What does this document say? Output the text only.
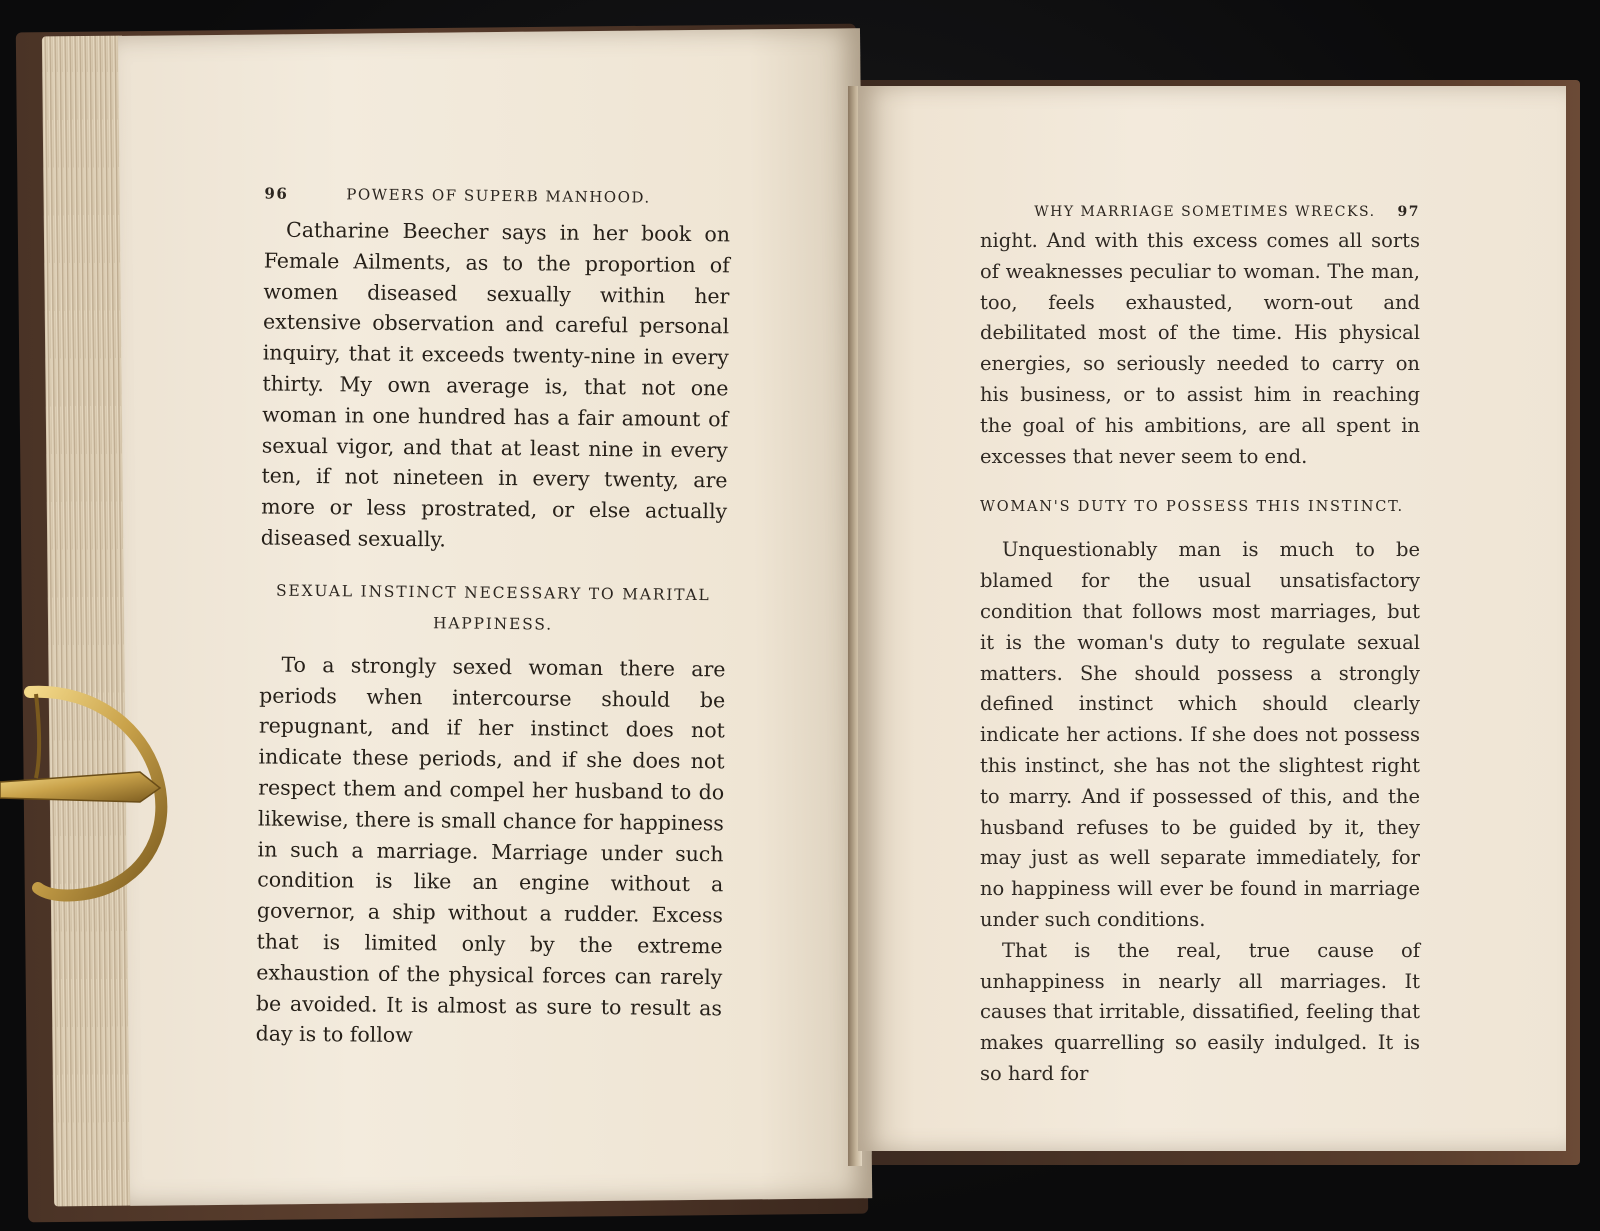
96	POWERS OF SUPERB MANHOOD.

Catharine Beecher says in her book on Female Ailments, as to the proportion of women diseased sexually within her extensive observation and careful personal inquiry, that it exceeds twenty-nine in every thirty. My own average is, that not one woman in one hundred has a fair amount of sexual vigor, and that at least nine in every ten, if not nineteen in every twenty, are more or less prostrated, or else actually diseased sexually.

SEXUAL INSTINCT NECESSARY TO MARITAL
HAPPINESS.

To a strongly sexed woman there are periods when intercourse should be repugnant, and if her instinct does not indicate these periods, and if she does not respect them and compel her husband to do likewise, there is small chance for happiness in such a marriage. Marriage under such condition is like an engine without a governor, a ship without a rudder. Excess that is limited only by the extreme exhaustion of the physical forces can rarely be avoided. It is almost as sure to result as day is to follow

WHY MARRIAGE SOMETIMES WRECKS. 97

night. And with this excess comes all sorts of weaknesses peculiar to woman. The man, too, feels exhausted, worn-out and debilitated most of the time. His physical energies, so seriously needed to carry on his business, or to assist him in reaching the goal of his ambitions, are all spent in excesses that never seem to end.

WOMAN'S DUTY TO POSSESS THIS INSTINCT.

Unquestionably man is much to be blamed for the usual unsatisfactory condition that follows most marriages, but it is the woman's duty to regulate sexual matters. She should possess a strongly defined instinct which should clearly indicate her actions. If she does not possess this instinct, she has not the slightest right to marry. And if possessed of this, and the husband refuses to be guided by it, they may just as well separate immediately, for no happiness will ever be found in marriage under such conditions.

That is the real, true cause of unhappiness in nearly all marriages. It causes that irritable, dissatified, feeling that makes quarrelling so easily indulged. It is so hard for
